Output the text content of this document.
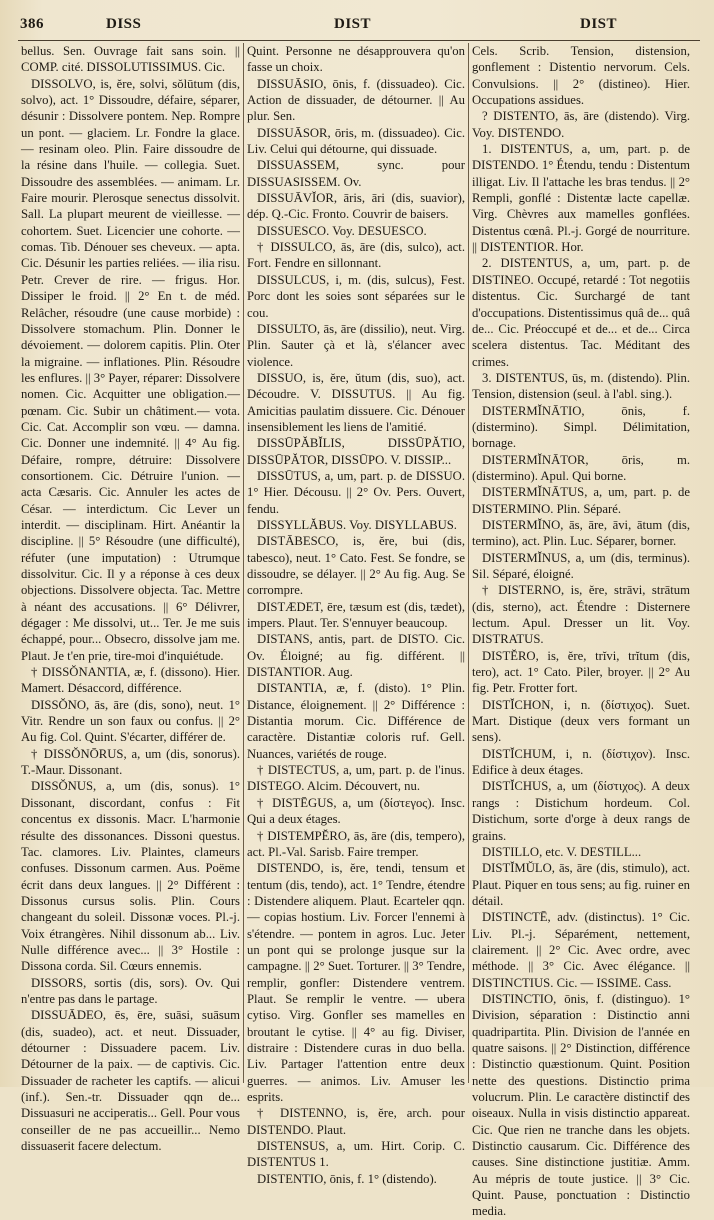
386	DISS	DIST	DIST

bellus. Sen. Ouvrage fait sans soin. || COMP. cité. DISSOLUTISSIMUS. Cic.

DISSOLVO, is, ĕre, solvi, sŏlūtum (dis, solvo), act. 1° Dissoudre, défaire, séparer, désunir : Dissolvere pontem. Nep. Rompre un pont. — glaciem. Lr. Fondre la glace. — resinam oleo. Plin. Faire dissoudre de la résine dans l'huile. — collegia. Suet. Dissoudre des assemblées. — animam. Lr. Faire mourir. Plerosque senectus dissolvit. Sall. La plupart meurent de vieillesse. — cohortem. Suet. Licencier une cohorte. — comas. Tib. Dénouer ses cheveux. — apta. Cic. Désunir les parties reliées. — ilia risu. Petr. Crever de rire. — frigus. Hor. Dissiper le froid. || 2° En t. de méd. Relâcher, résoudre (une cause morbide) : Dissolvere stomachum. Plin. Donner le dévoiement. — dolorem capitis. Plin. Oter la migraine. — inflationes. Plin. Résoudre les enflures. || 3° Payer, réparer: Dissolvere nomen. Cic. Acquitter une obligation.—pœnam. Cic. Subir un châtiment.— vota. Cic. Cat. Accomplir son vœu. — damna. Cic. Donner une indemnité. || 4° Au fig. Défaire, rompre, détruire: Dissolvere consortionem. Cic. Détruire l'union. — acta Cæsaris. Cic. Annuler les actes de César. — interdictum. Cic Lever un interdit. — disciplinam. Hirt. Anéantir la discipline. || 5° Résoudre (une difficulté), réfuter (une imputation) : Utrumque dissolvitur. Cic. Il y a réponse à ces deux objections. Dissolvere objecta. Tac. Mettre à néant des accusations. || 6° Délivrer, dégager : Me dissolvi, ut... Ter. Je me suis échappé, pour... Obsecro, dissolve jam me. Plaut. Je t'en prie, tire-moi d'inquiétude.

† DISSŎNANTIA, æ, f. (dissono). Hier. Mamert. Désaccord, différence.

DISSŎNO, ās, āre (dis, sono), neut. 1° Vitr. Rendre un son faux ou confus. || 2° Au fig. Col. Quint. S'écarter, différer de.

† DISSŎNŌRUS, a, um (dis, sonorus). T.-Maur. Dissonant.

DISSŎNUS, a, um (dis, sonus). 1° Dissonant, discordant, confus : Fit concentus ex dissonis. Macr. L'harmonie résulte des dissonances. Dissoni questus. Tac. clamores. Liv. Plaintes, clameurs confuses. Dissonum carmen. Aus. Poëme écrit dans deux langues. || 2° Différent : Dissonus cursus solis. Plin. Cours changeant du soleil. Dissonæ voces. Pl.-j. Voix étrangères. Nihil dissonum ab... Liv. Nulle différence avec... || 3° Hostile : Dissona corda. Sil. Cœurs ennemis.

DISSORS, sortis (dis, sors). Ov. Qui n'entre pas dans le partage.

DISSUĀDEO, ēs, ēre, suāsi, suāsum (dis, suadeo), act. et neut. Dissuader, détourner : Dissuadere pacem. Liv. Détourner de la paix. — de captivis. Cic. Dissuader de racheter les captifs. — alicui (inf.). Sen.-tr. Dissuader qqn de... Dissuasuri ne acciperatis... Gell. Pour vous conseiller de ne pas accueillir... Nemo dissuaserit facere delectum.

Quint. Personne ne désapprouvera qu'on fasse un choix.

DISSUĀSIO, ōnis, f. (dissuadeo). Cic. Action de dissuader, de détourner. || Au plur. Sen.

DISSUĀSOR, ōris, m. (dissuadeo). Cic. Liv. Celui qui détourne, qui dissuade.

DISSUASSEM, sync. pour DISSUASISSEM. Ov.

DISSUĀVĬOR, āris, āri (dis, suavior), dép. Q.-Cic. Fronto. Couvrir de baisers.

DISSUESCO. Voy. DESUESCO.

† DISSULCO, ās, āre (dis, sulco), act. Fort. Fendre en sillonnant.

DISSULCUS, i, m. (dis, sulcus), Fest. Porc dont les soies sont séparées sur le cou.

DISSULTO, ās, āre (dissilio), neut. Virg. Plin. Sauter çà et là, s'élancer avec violence.

DISSUO, is, ĕre, ŭtum (dis, suo), act. Découdre. V. DISSUTUS. || Au fig. Amicitias paulatim dissuere. Cic. Dénouer insensiblement les liens de l'amitié.

DISSŪPĂBĬLIS, DISSŪPĂTIO, DISSŪPĂTOR, DISSŪPO. V. DISSIP...

DISSŪTUS, a, um, part. p. de DISSUO. 1° Hier. Décousu. || 2° Ov. Pers. Ouvert, fendu.

DISSYLLĂBUS. Voy. DISYLLABUS.

DISTĀBESCO, is, ĕre, bui (dis, tabesco), neut. 1° Cato. Fest. Se fondre, se dissoudre, se délayer. || 2° Au fig. Aug. Se corrompre.

DISTÆDET, ēre, tæsum est (dis, tædet), impers. Plaut. Ter. S'ennuyer beaucoup.

DISTANS, antis, part. de DISTO. Cic. Ov. Éloigné; au fig. différent. || DISTANTIOR. Aug.

DISTANTIA, æ, f. (disto). 1° Plin. Distance, éloignement. || 2° Différence : Distantia morum. Cic. Différence de caractère. Distantiæ coloris ruf. Gell. Nuances, variétés de rouge.

† DISTECTUS, a, um, part. p. de l'inus. DISTEGO. Alcim. Découvert, nu.

† DISTĒGUS, a, um (δίστεγος). Insc. Qui a deux étages.

† DISTEMPĔRO, ās, āre (dis, tempero), act. Pl.-Val. Sarisb. Faire tremper.

DISTENDO, is, ĕre, tendi, tensum et tentum (dis, tendo), act. 1° Tendre, étendre : Distendere aliquem. Plaut. Ecarteler qqn. — copias hostium. Liv. Forcer l'ennemi à s'étendre. — pontem in agros. Luc. Jeter un pont qui se prolonge jusque sur la campagne. || 2° Suet. Torturer. || 3° Tendre, remplir, gonfler: Distendere ventrem. Plaut. Se remplir le ventre. — ubera cytiso. Virg. Gonfler ses mamelles en broutant le cytise. || 4° au fig. Diviser, distraire : Distendere curas in duo bella. Liv. Partager l'attention entre deux guerres. — animos. Liv. Amuser les esprits.

† DISTENNO, is, ĕre, arch. pour DISTENDO. Plaut.

DISTENSUS, a, um. Hirt. Corip. C. DISTENTUS 1.

DISTENTIO, ōnis, f. 1° (distendo).

Cels. Scrib. Tension, distension, gonflement : Distentio nervorum. Cels. Convulsions. || 2° (distineo). Hier. Occupations assidues.

? DISTENTO, ās, āre (distendo). Virg. Voy. DISTENDO.

1. DISTENTUS, a, um, part. p. de DISTENDO. 1° Étendu, tendu : Distentum illigat. Liv. Il l'attache les bras tendus. || 2° Rempli, gonflé : Distentæ lacte capellæ. Virg. Chèvres aux mamelles gonflées. Distentus cœnâ. Pl.-j. Gorgé de nourriture. || DISTENTIOR. Hor.

2. DISTENTUS, a, um, part. p. de DISTINEO. Occupé, retardé : Tot negotiis distentus. Cic. Surchargé de tant d'occupations. Distentissimus quâ de... quâ de... Cic. Préoccupé et de... et de... Circa scelera distentus. Tac. Méditant des crimes.

3. DISTENTUS, ūs, m. (distendo). Plin. Tension, distension (seul. à l'abl. sing.).

DISTERMĬNĀTIO, ōnis, f. (distermino). Simpl. Délimitation, bornage.

DISTERMĬNĀTOR, ōris, m. (distermino). Apul. Qui borne.

DISTERMĬNĀTUS, a, um, part. p. de DISTERMINO. Plin. Séparé.

DISTERMĬNO, ās, āre, āvi, ātum (dis, termino), act. Plin. Luc. Séparer, borner.

DISTERMĬNUS, a, um (dis, terminus). Sil. Séparé, éloigné.

† DISTERNO, is, ĕre, strāvi, strātum (dis, sterno), act. Étendre : Disternere lectum. Apul. Dresser un lit. Voy. DISTRATUS.

DISTĔRO, is, ĕre, trĭvi, trĭtum (dis, tero), act. 1° Cato. Piler, broyer. || 2° Au fig. Petr. Frotter fort.

DISTĬCHON, i, n. (δίστιχος). Suet. Mart. Distique (deux vers formant un sens).

DISTĬCHUM, i, n. (δίστιχον). Insc. Edifice à deux étages.

DISTĬCHUS, a, um (δίστιχος). A deux rangs : Distichum hordeum. Col. Distichum, sorte d'orge à deux rangs de grains.

DISTILLO, etc. V. DESTILL...

DISTĬMŬLO, ās, āre (dis, stimulo), act. Plaut. Piquer en tous sens; au fig. ruiner en détail.

DISTINCTĒ, adv. (distinctus). 1° Cic. Liv. Pl.-j. Séparément, nettement, clairement. || 2° Cic. Avec ordre, avec méthode. || 3° Cic. Avec élégance. || DISTINCTIUS. Cic. — ISSIME. Cass.

DISTINCTIO, ōnis, f. (distinguo). 1° Division, séparation : Distinctio anni quadripartita. Plin. Division de l'année en quatre saisons. || 2° Distinction, différence : Distinctio quæstionum. Quint. Position nette des questions. Distinctio prima volucrum. Plin. Le caractère distinctif des oiseaux. Nulla in visis distinctio appareat. Cic. Que rien ne tranche dans les objets. Distinctio causarum. Cic. Différence des causes. Sine distinctione justitiæ. Amm. Au mépris de toute justice. || 3° Cic. Quint. Pause, ponctuation : Distinctio media.
